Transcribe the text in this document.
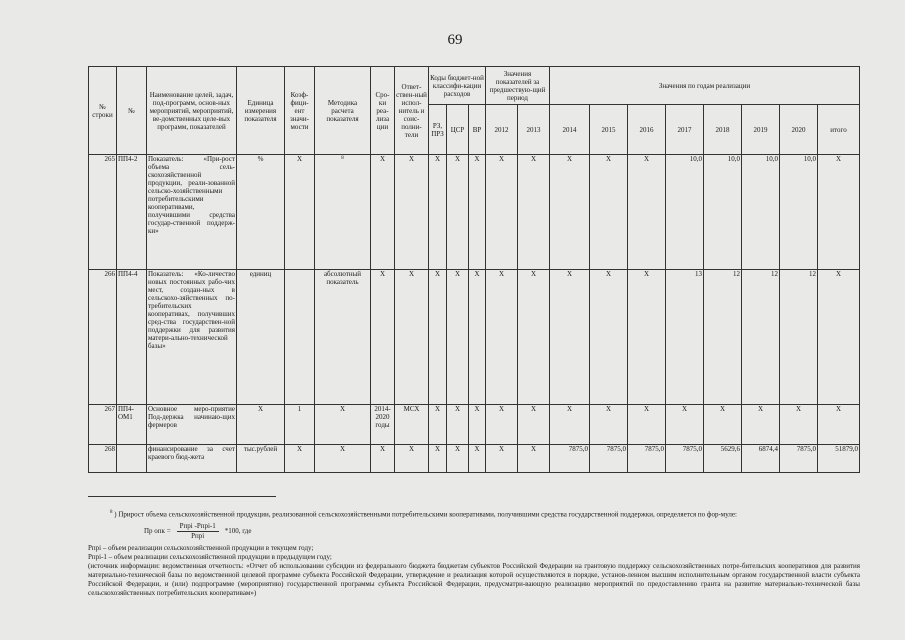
69
№ строки	№	Наименование целей, задач, под-программ, основ-ных мероприятий, мероприятий, ве-домственных целе-вых программ, показателей	Единица измерения показателя	Коэф-фици-ент значи-мости	Методика расчета показателя	Сро-ки реа-лиза ции	Ответ-ствен-ный испол-нитель и соис-полни-тели	Коды бюджет-ной классифи-кации расходов			Значения показателей за предшествую-щий период		Значения по годам реализации							
								РЗ, ПРЗ	ЦСР	ВР	2012	2013	2014	2015	2016	2017	2018	2019	2020	итого
265	ПП4-2	Показатель: «При-рост объема сель-скохозяйственной продукции, реали-зованной сельско-хозяйственными потребительскими кооперативами, получившими средства государ-ственной поддерж-ки»	%	X	$^8$	X	X	X	X	X	X	X	X	X	X	10,0	10,0	10,0	10,0	X
266	ПП4-4	Показатель: «Ко-личество новых постоянных рабо-чих мест, создан-ных в сельскохо-зяйственных по-требительских кооперативах, получивших сред-ства государствен-ной поддержки для развития матери-ально-технической базы»	единиц		абсолютный показатель	X	X	X	X	X	X	X	X	X	X	13	12	12	12	X
267	ПП4-ОМ1	Основное меро-приятие Под-держка начинаю-щих фермеров	X	1	X	2014-2020 годы	МСХ	X	X	X	X	X	X	X	X	X	X	X	X	X
268		финансирование за счет краевого бюд-жета	тыс.рублей	X	X	X	X	X	X	X	X	X	7875,0	7875,0	7875,0	7875,0	5629,6	6874,4	7875,0	51879,0

$^8$ ) Прирост объема сельскохозяйственной продукции, реализованной сельскохозяйственными потребительскими кооперативами, получившими средства государственной поддержки, определяется по фор-муле:

Пр опк = $\frac{\text{Рпрi -Рпрi-1}}{\text{Рпрi}} *100$, где

Рпрi – объем реализации сельскохозяйственной продукции в текущем году;

Рпрi-1 – объем реализации сельскохозяйственной продукции в предыдущем году;

(источник информации: ведомственная отчетность: «Отчет об использовании субсидии из федерального бюджета бюджетам субъектов Российской Федерации на грантовую поддержку сельскохозяйственных потре-бительских кооперативов для развития материально-технической базы по ведомственной целевой программе субъекта Российской Федерации, утверждение и реализация которой осуществляются в порядке, установ-ленном высшим исполнительным органом государственной власти субъекта Российской Федерации, и (или) подпрограмме (мероприятию) государственной программы субъекта Российской Федерации, предусматри-вающую реализацию мероприятий по предоставлению гранта на развитие материально-технической базы сельскохозяйственных потребительских кооперативам»)
